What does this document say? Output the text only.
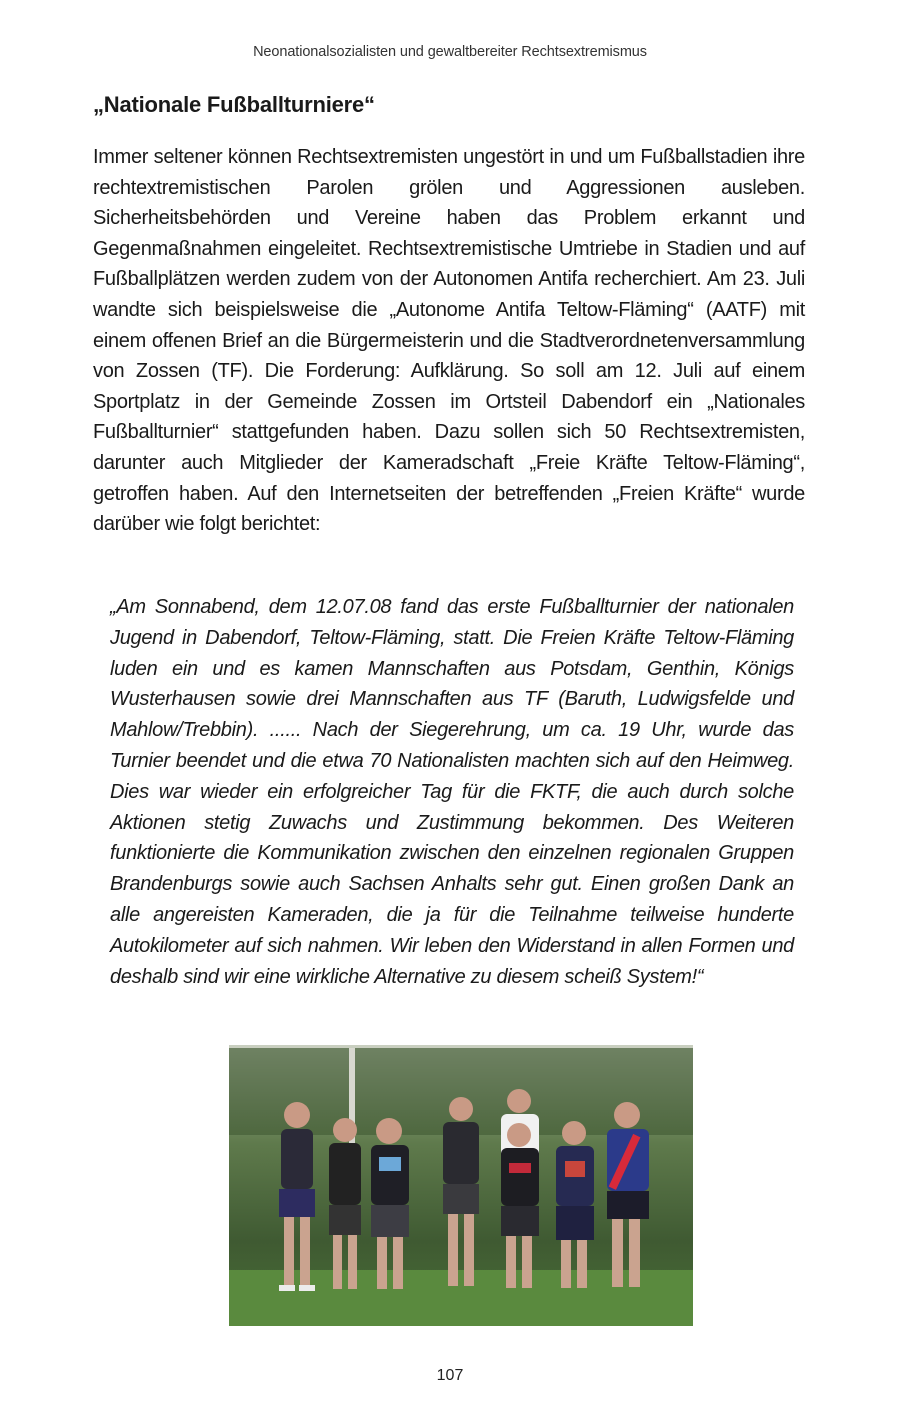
Neonationalsozialisten und gewaltbereiter Rechtsextremismus
„Nationale Fußballturniere“

Immer seltener können Rechtsextremisten ungestört in und um Fußballstadien ihre rechtextremistischen Parolen grölen und Aggressionen ausleben. Sicherheitsbehörden und Vereine haben das Problem erkannt und Gegenmaßnahmen eingeleitet. Rechtsextremistische Umtriebe in Stadien und auf Fußballplätzen werden zudem von der Autonomen Antifa recherchiert. Am 23. Juli wandte sich beispielsweise die „Autonome Antifa Teltow-Fläming“ (AATF) mit einem offenen Brief an die Bürgermeisterin und die Stadtverordnetenversammlung von Zossen (TF). Die Forderung: Aufklärung. So soll am 12. Juli auf einem Sportplatz in der Gemeinde Zossen im Ortsteil Dabendorf ein „Nationales Fußballturnier“ stattgefunden haben. Dazu sollen sich 50 Rechtsextremisten, darunter auch Mitglieder der Kameradschaft „Freie Kräfte Teltow-Fläming“, getroffen haben. Auf den Internetseiten der betreffenden „Freien Kräfte“ wurde darüber wie folgt berichtet:

„Am Sonnabend, dem 12.07.08 fand das erste Fußballturnier der nationalen Jugend in Dabendorf, Teltow-Fläming, statt. Die Freien Kräfte Teltow-Fläming luden ein und es kamen Mannschaften aus Potsdam, Genthin, Königs Wusterhausen sowie drei Mannschaften aus TF (Baruth, Ludwigsfelde und Mahlow/Trebbin). ...... Nach der Siegerehrung, um ca. 19 Uhr, wurde das Turnier beendet und die etwa 70 Nationalisten machten sich auf den Heimweg. Dies war wieder ein erfolgreicher Tag für die FKTF, die auch durch solche Aktionen stetig Zuwachs und Zustimmung bekommen. Des Weiteren funktionierte die Kommunikation zwischen den einzelnen regionalen Gruppen Brandenburgs sowie auch Sachsen Anhalts sehr gut. Einen großen Dank an alle angereisten Kameraden, die ja für die Teilnahme teilweise hunderte Autokilometer auf sich nahmen. Wir leben den Widerstand in allen Formen und deshalb sind wir eine wirkliche Alternative zu diesem scheiß System!“

107
